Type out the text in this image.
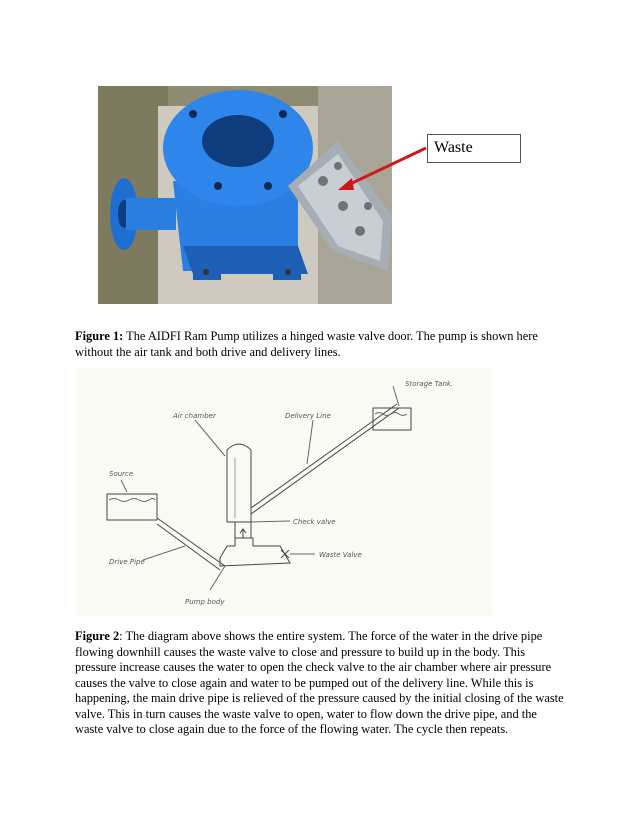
Waste
Figure 1: The AIDFI Ram Pump utilizes a hinged waste valve door. The pump is shown here without the air tank and both drive and delivery lines.
Storage Tank.
Air chamber	Delivery Line
Source
Check valve
Waste Valve
Drive Pipe
Pump body
Figure 2: The diagram above shows the entire system. The force of the water in the drive pipe flowing downhill causes the waste valve to close and pressure to build up in the body. This pressure increase causes the water to open the check valve to the air chamber where air pressure causes the valve to close again and water to be pumped out of the delivery line. While this is happening, the main drive pipe is relieved of the pressure caused by the initial closing of the waste valve. This in turn causes the waste valve to open, water to flow down the drive pipe, and the waste valve to close again due to the force of the flowing water. The cycle then repeats.
